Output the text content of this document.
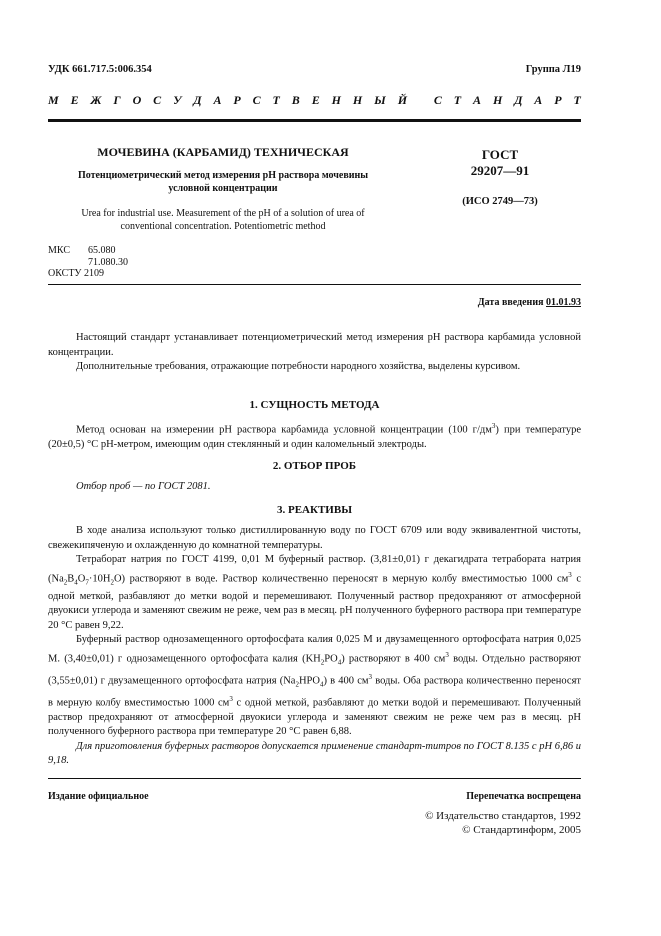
УДК 661.717.5:006.354	Группа Л19
М Е Ж Г О С У Д А Р С Т В Е Н Н Ы Й
С Т А Н Д А Р Т
МОЧЕВИНА (КАРБАМИД) ТЕХНИЧЕСКАЯ
Потенциометрический метод измерения pH раствора мочевины
условной концентрации
Urea for industrial use. Measurement of the pH of a solution of urea of
conventional concentration. Potentiometric method
ГОСТ
29207—91
(ИСО 2749—73)
МКС	65.080
71.080.30
ОКСТУ 2109
Дата введения 01.01.93

Настоящий стандарт устанавливает потенциометрический метод измерения pH раствора карбамида условной концентрации.

Дополнительные требования, отражающие потребности народного хозяйства, выделены курсивом.

1. СУЩНОСТЬ МЕТОДА

Метод основан на измерении pH раствора карбамида условной концентрации (100 $г/дм^3$) при температуре (20±0,5) °С pH-метром, имеющим один стеклянный и один каломельный электроды.

2. ОТБОР ПРОБ

Отбор проб — по ГОСТ 2081.

3. РЕАКТИВЫ

В ходе анализа используют только дистиллированную воду по ГОСТ 6709 или воду эквивалентной чистоты, свежекипяченую и охлажденную до комнатной температуры.

Тетраборат натрия по ГОСТ 4199, 0,01 М буферный раствор. (3,81±0,01) г декагидрата тетрабората натрия $(Na_2B_4O_7\cdot 10H_2O)$ растворяют в воде. Раствор количественно переносят в мерную колбу вместимостью 1000 $см^3$ с одной меткой, разбавляют до метки водой и перемешивают. Полученный раствор предохраняют от атмосферной двуокиси углерода и заменяют свежим не реже, чем раз в месяц. pH полученного буферного раствора при температуре 20 °С равен 9,22.

Буферный раствор однозамещенного ортофосфата калия 0,025 М и двузамещенного ортофосфата натрия 0,025 М. (3,40±0,01) г однозамещенного ортофосфата калия $(KH_2PO_4)$ растворяют в 400 $см^3$ воды. Отдельно растворяют (3,55±0,01) г двузамещенного ортофосфата натрия $(Na_2HPO_4)$ в 400 $см^3$ воды. Оба раствора количественно переносят в мерную колбу вместимостью 1000 $см^3$ с одной меткой, разбавляют до метки водой и перемешивают. Полученный раствор предохраняют от атмосферной двуокиси углерода и заменяют свежим не реже чем раз в месяц. pH полученного буферного раствора при температуре 20 °С равен 6,88.

Для приготовления буферных растворов допускается применение стандарт-титров по ГОСТ 8.135 с pH 6,86 и 9,18.

Издание официальное	Перепечатка воспрещена
© Издательство стандартов, 1992
© Стандартинформ, 2005
